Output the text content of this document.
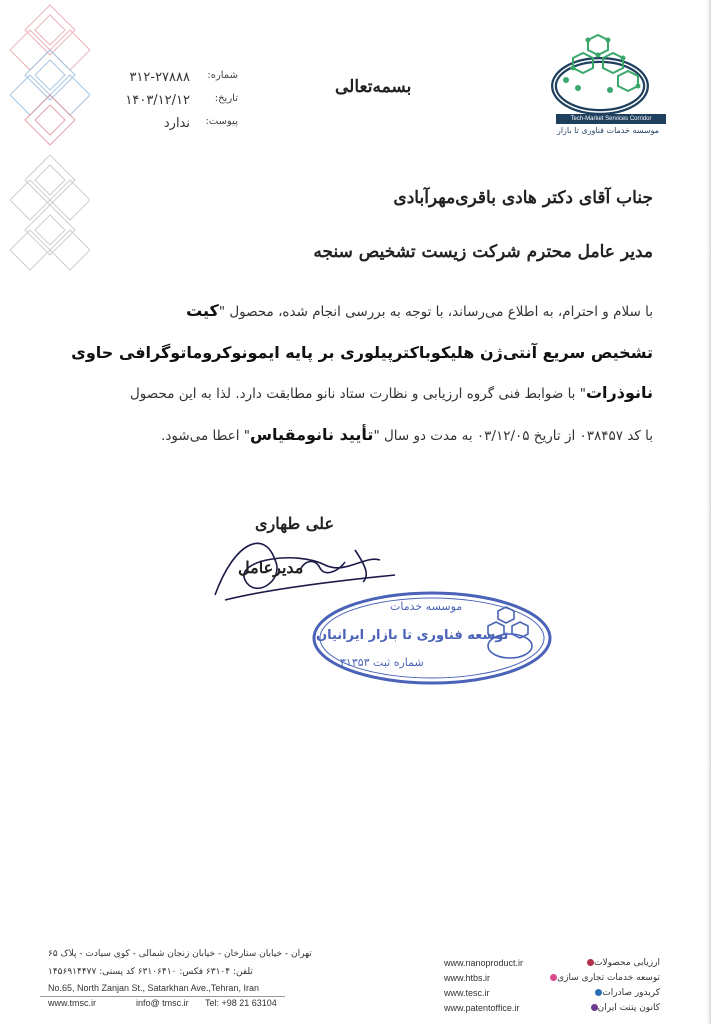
شماره:
۳۱۲-۲۷۸۸۸
تاریخ:
۱۴۰۳/۱۲/۱۲
پیوست:
ندارد
بسمه‌تعالی
Tech-Market Services Corridor
موسسه خدمات فناوری تا بازار
جناب آقای دکتر هادی باقری‌مهرآبادی
مدیر عامل محترم شرکت زیست تشخیص سنجه
با سلام و احترام، به اطلاع می‌رساند، با توجه به بررسی انجام شده، محصول "کیت
تشخیص سریع آنتی‌ژن هلیکوباکترپیلوری بر پایه ایمونوکروماتوگرافی حاوی
نانوذرات" با ضوابط فنی گروه ارزیابی و نظارت ستاد نانو مطابقت دارد. لذا به این محصول
با کد ۰۳۸۴۵۷ از تاریخ ۰۳/۱۲/۰۵ به مدت دو سال "تأیید نانومقیاس" اعطا می‌شود.
علی طهاری
مدیرعامل
موسسه خدمات
توسعه فناوری تا بازار ایرانیان
شماره ثبت ۳۱۳۵۳
تهران - خیابان ستارخان - خیابان زنجان شمالی - کوی سیادت - پلاک ۶۵
تلفن: ۶۳۱۰۴ فکس: ۶۳۱۰۶۴۱۰ کد پستی: ۱۴۵۶۹۱۴۴۷۷
No.65, North Zanjan St., Satarkhan Ave.,Tehran, Iran
www.tmsc.ir	info@ tmsc.ir Tel: +98 21 63104
www.nanoproduct.ir	ارزیابی محصولات
www.htbs.ir	توسعه خدمات تجاری سازی
www.tesc.ir	کریدور صادرات
www.patentoffice.ir	کانون پتنت ایران
